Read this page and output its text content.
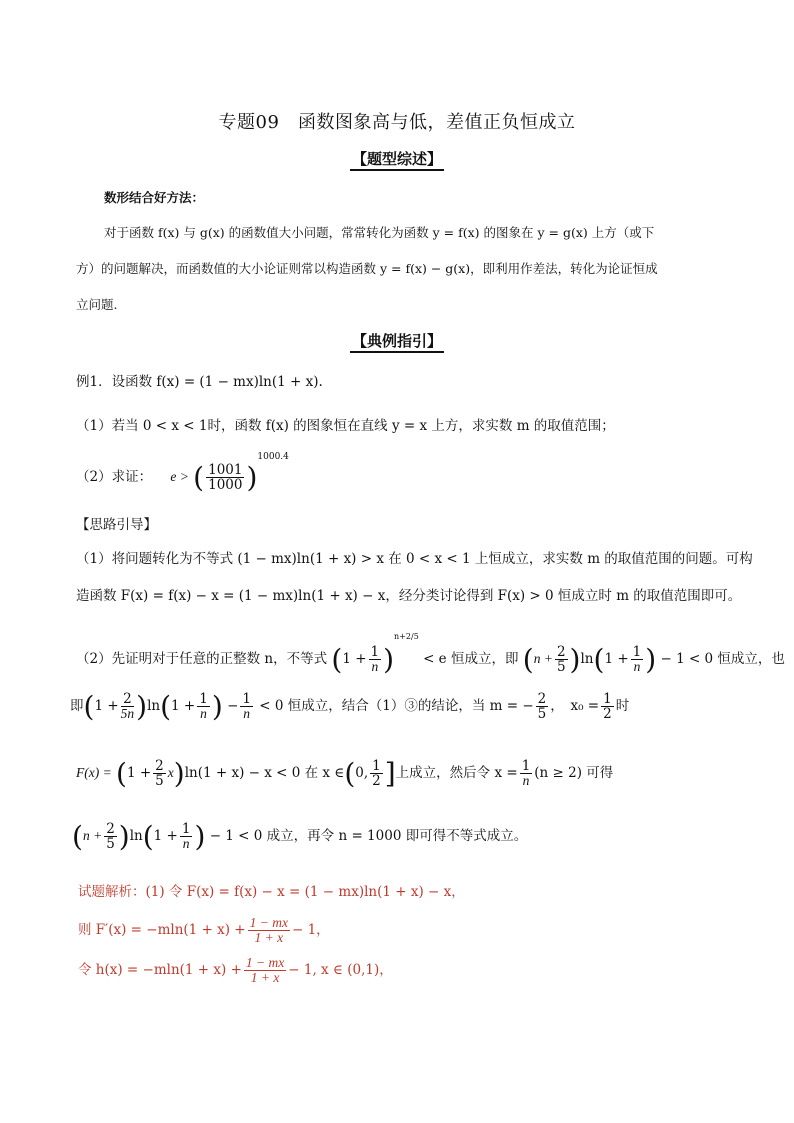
专题09　函数图象高与低，差值正负恒成立
【题型综述】
数形结合好方法：
对于函数 f(x) 与 g(x) 的函数值大小问题，常常转化为函数 y = f(x) 的图象在 y = g(x) 上方（或下
方）的问题解决，而函数值的大小论证则常以构造函数 y = f(x) − g(x)，即利用作差法，转化为论证恒成
立问题.
【典例指引】
例1．设函数 f(x) = (1 − mx)ln(1 + x).
（1）若当 0 < x < 1时，函数 f(x) 的图象恒在直线 y = x 上方，求实数 m 的取值范围；
（2）求证： e > ( $\frac{1001}{1000} )^{1000.4}$
【思路引导】
（1）将问题转化为不等式 (1 − mx)ln(1 + x) > x 在 0 < x < 1 上恒成立，求实数 m 的取值范围的问题。可构
造函数 F(x) = f(x) − x = (1 − mx)ln(1 + x) − x，经分类讨论得到 F(x) > 0 恒成立时 m 的取值范围即可。
（2）先证明对于任意的正整数 n，不等式 $(1 + \frac{1}{n} )^{n+2/5} < e$ 恒成立，即 $(n + \frac{2}{5} )\ln(1 + \frac{1}{n}$ ) − 1 < 0 恒成立，也
即$(1 + \frac{2}{5n} )\ln(1 + \frac{1}{n}$ ) − $\frac{1}{n} < 0$ 恒成立，结合（1）③的结论，当 m = − $\frac{2}{5}$ ，　$x_0 = \frac{1}{2}$ 时
$F(x) = (1 + \frac{2}{5} x)\ln(1 + x) - x < 0$ 在 x ∈(0, $\frac{1}{2}$ ]上成立，然后令 $x = \frac{1}{n} (n \ge 2)$ 可得
$(n + \frac{2}{5} )\ln(1 + \frac{1}{n}$ ) − 1 < 0 成立，再令 n = 1000 即可得不等式成立。
试题解析：(1) 令 F(x) = f(x) − x = (1 − mx)ln(1 + x) − x，
则 $F'(x) = -mln(1 + x) + \frac{1 - mx}{1 + x} - 1$，
令 $h(x) = -mln(1 + x) + \frac{1 - mx}{1 + x} - 1$, x ∈ (0,1)，
